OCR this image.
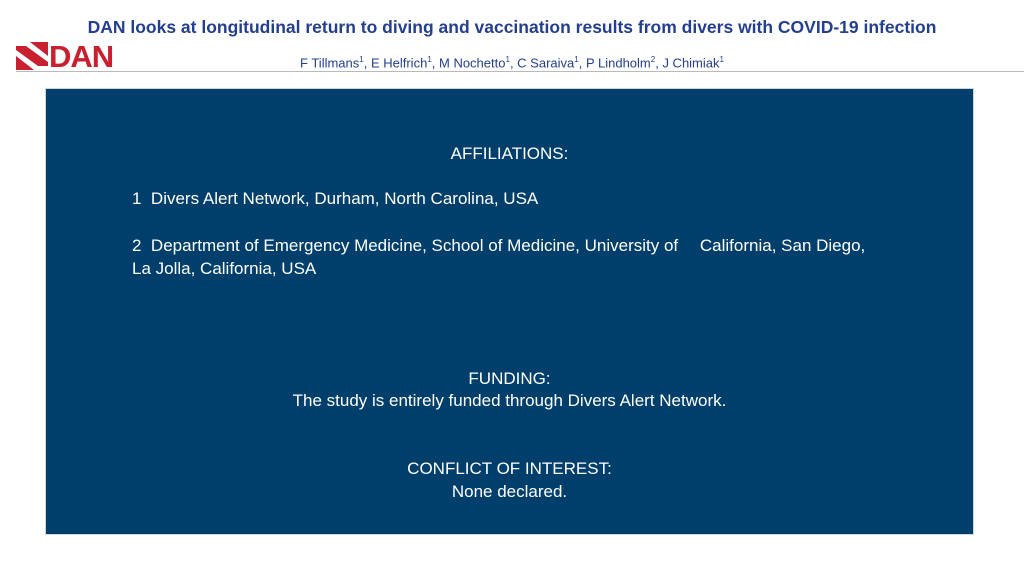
DAN
DAN looks at longitudinal return to diving and vaccination results from divers with COVID-19 infection
F Tillmans$^1$, E Helfrich$^1$, M Nochetto$^1$, C Saraiva$^1$, P Lindholm$^2$, J Chimiak$^1$
AFFILIATIONS:
1 Divers Alert Network, Durham, North Carolina, USA
2 Department of Emergency Medicine, School of Medicine, University of California, San Diego, La Jolla, California, USA
FUNDING:
The study is entirely funded through Divers Alert Network.
CONFLICT OF INTEREST:
None declared.
